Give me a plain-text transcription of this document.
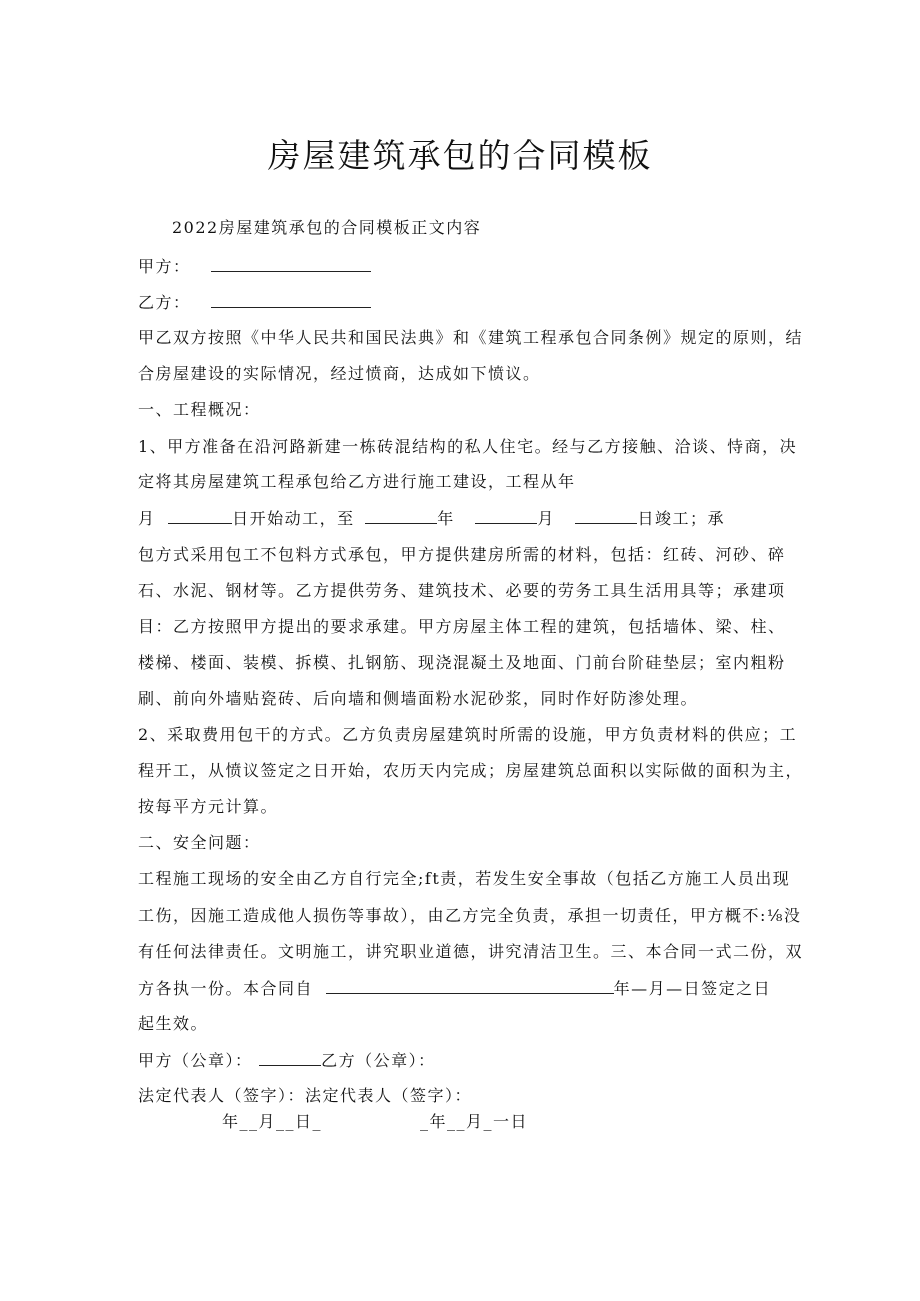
房屋建筑承包的合同模板
2022房屋建筑承包的合同模板正文内容
甲方：
乙方：
甲乙双方按照《中华人民共和国民法典》和《建筑工程承包合同条例》规定的原则，结
合房屋建设的实际情况，经过愤商，达成如下愤议。
一、工程概况：
1、甲方准备在沿河路新建一栋砖混结构的私人住宅。经与乙方接触、洽谈、恃商，决
定将其房屋建筑工程承包给乙方进行施工建设，工程从年
月	日开始动工，至	年	月	日竣工；承
包方式采用包工不包料方式承包，甲方提供建房所需的材料，包括：红砖、河砂、碎
石、水泥、钢材等。乙方提供劳务、建筑技术、必要的劳务工具生活用具等；承建项
目：乙方按照甲方提出的要求承建。甲方房屋主体工程的建筑，包括墙体、梁、柱、
楼梯、楼面、装模、拆模、扎钢筋、现浇混凝土及地面、门前台阶硅垫层；室内粗粉
刷、前向外墙贴瓷砖、后向墙和侧墙面粉水泥砂浆，同时作好防渗处理。
2、采取费用包干的方式。乙方负责房屋建筑时所需的设施，甲方负责材料的供应；工
程开工，从愤议签定之日开始，农历天内完成；房屋建筑总面积以实际做的面积为主，
按每平方元计算。
二、安全问题：
工程施工现场的安全由乙方自行完全;ft责，若发生安全事故（包括乙方施工人员出现
工伤，因施工造成他人损伤等事故），由乙方完全负责，承担一切责任，甲方概不:⅛没
有任何法律责任。文明施工，讲究职业道德，讲究清洁卫生。三、本合同一式二份，双
方各执一份。本合同自	年—月—日签定之日
起生效。
甲方（公章）：	乙方（公章）：
法定代表人（签字）：法定代表人（签字）：
年__月__日_	_年__月_一日
